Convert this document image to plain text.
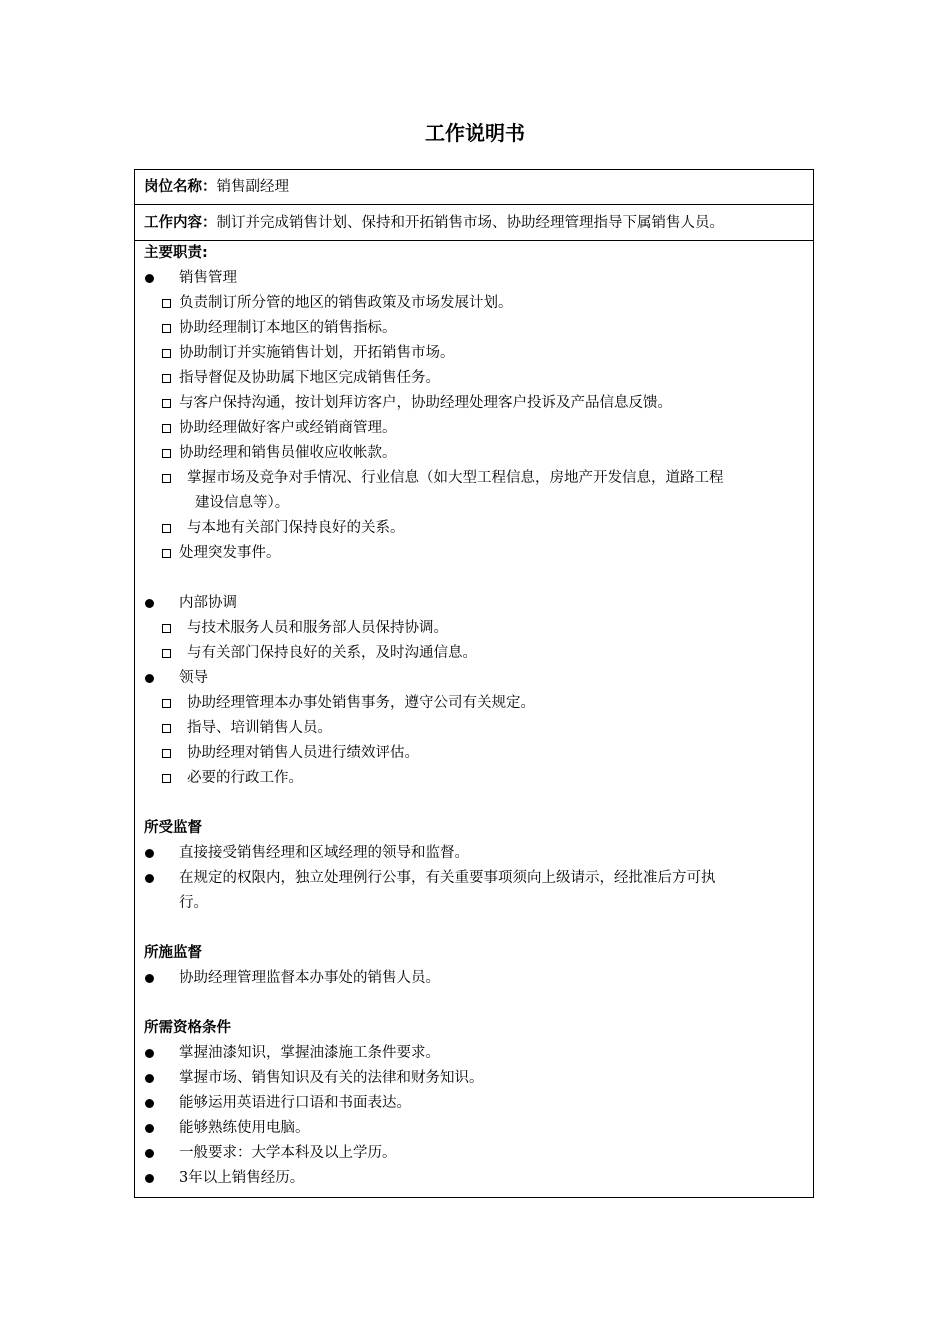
工作说明书
岗位名称：销售副经理
工作内容：制订并完成销售计划、保持和开拓销售市场、协助经理管理指导下属销售人员。
主要职责:
销售管理
负责制订所分管的地区的销售政策及市场发展计划。
协助经理制订本地区的销售指标。
协助制订并实施销售计划，开拓销售市场。
指导督促及协助属下地区完成销售任务。
与客户保持沟通，按计划拜访客户，协助经理处理客户投诉及产品信息反馈。
协助经理做好客户或经销商管理。
协助经理和销售员催收应收帐款。
掌握市场及竞争对手情况、行业信息（如大型工程信息，房地产开发信息，道路工程
建设信息等）。
与本地有关部门保持良好的关系。
处理突发事件。
内部协调
与技术服务人员和服务部人员保持协调。
与有关部门保持良好的关系，及时沟通信息。
领导
协助经理管理本办事处销售事务，遵守公司有关规定。
指导、培训销售人员。
协助经理对销售人员进行绩效评估。
必要的行政工作。
所受监督
直接接受销售经理和区域经理的领导和监督。
在规定的权限内，独立处理例行公事，有关重要事项须向上级请示，经批准后方可执
行。
所施监督
协助经理管理监督本办事处的销售人员。
所需资格条件
掌握油漆知识，掌握油漆施工条件要求。
掌握市场、销售知识及有关的法律和财务知识。
能够运用英语进行口语和书面表达。
能够熟练使用电脑。
一般要求：大学本科及以上学历。
3年以上销售经历。
